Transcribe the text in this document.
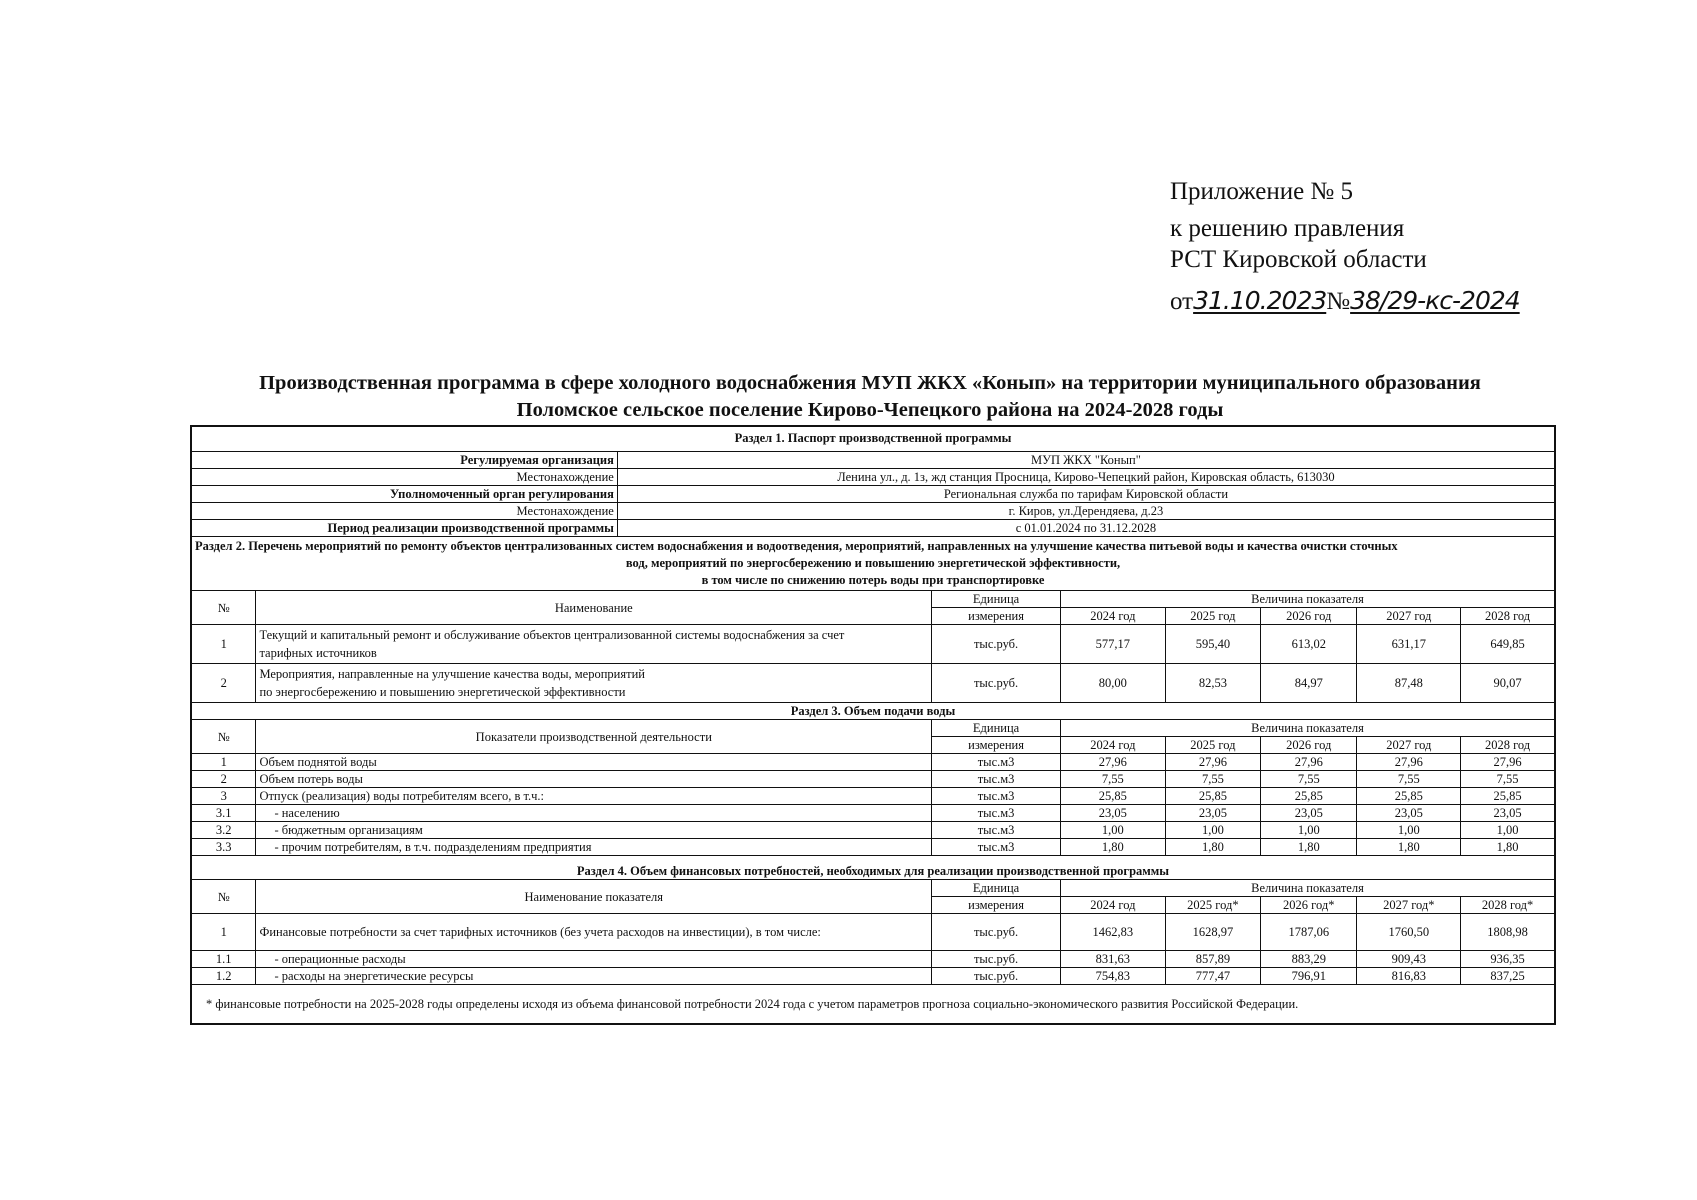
Приложение № 5
к решению правления
РСТ Кировской области
от31.10.2023№38/29-кс-2024
Производственная программа в сфере холодного водоснабжения МУП ЖКХ «Конып» на территории муниципального образования
Поломское сельское поселение Кирово-Чепецкого района на 2024-2028 годы
Раздел 1. Паспорт производственной программы								
Регулируемая организация		МУП ЖКХ "Конып"						
Местонахождение		Ленина ул., д. 1з, жд станция Просница, Кирово-Чепецкий район, Кировская область, 613030						
Уполномоченный орган регулирования		Региональная служба по тарифам Кировской области						
Местонахождение		г. Киров, ул.Дерендяева, д.23						
Период реализации производственной программы		с 01.01.2024 по 31.12.2028						

Раздел 2. Перечень мероприятий по ремонту объектов централизованных систем водоснабжения и водоотведения, мероприятий, направленных на улучшение качества питьевой воды и качества очистки сточных
вод, мероприятий по энергосбережению и повышению энергетической эффективности,
в том числе по снижению потерь воды при транспортировке								

№	Наименование		Единица	Величина показателя				
			измерения	2024 год	2025 год	2026 год	2027 год	2028 год
1	Текущий и капитальный ремонт и обслуживание объектов централизованной системы водоснабжения за счет
тарифных источников		тыс.руб.	577,17	595,40	613,02	631,17	649,85
2	Мероприятия, направленные на улучшение качества воды, мероприятий
по энергосбережению и повышению энергетической эффективности		тыс.руб.	80,00	82,53	84,97	87,48	90,07
Раздел 3. Объем подачи воды								
№	Показатели производственной деятельности		Единица	Величина показателя				
			измерения	2024 год	2025 год	2026 год	2027 год	2028 год
1	Объем поднятой воды		тыс.м3	27,96	27,96	27,96	27,96	27,96
2	Объем потерь воды		тыс.м3	7,55	7,55	7,55	7,55	7,55
3	Отпуск (реализация) воды потребителям всего, в т.ч.:		тыс.м3	25,85	25,85	25,85	25,85	25,85
3.1	- населению		тыс.м3	23,05	23,05	23,05	23,05	23,05
3.2	- бюджетным организациям		тыс.м3	1,00	1,00	1,00	1,00	1,00
3.3	- прочим потребителям, в т.ч. подразделениям предприятия		тыс.м3	1,80	1,80	1,80	1,80	1,80
Раздел 4. Объем финансовых потребностей, необходимых для реализации производственной программы								
№	Наименование показателя		Единица	Величина показателя				
			измерения	2024 год	2025 год*	2026 год*	2027 год*	2028 год*
1	Финансовые потребности за счет тарифных источников (без учета расходов на инвестиции), в том числе:		тыс.руб.	1462,83	1628,97	1787,06	1760,50	1808,98
1.1	- операционные расходы		тыс.руб.	831,63	857,89	883,29	909,43	936,35
1.2	- расходы на энергетические ресурсы		тыс.руб.	754,83	777,47	796,91	816,83	837,25
* финансовые потребности на 2025-2028 годы определены исходя из объема финансовой потребности 2024 года с учетом параметров прогноза социально-экономического развития Российской Федерации.								
